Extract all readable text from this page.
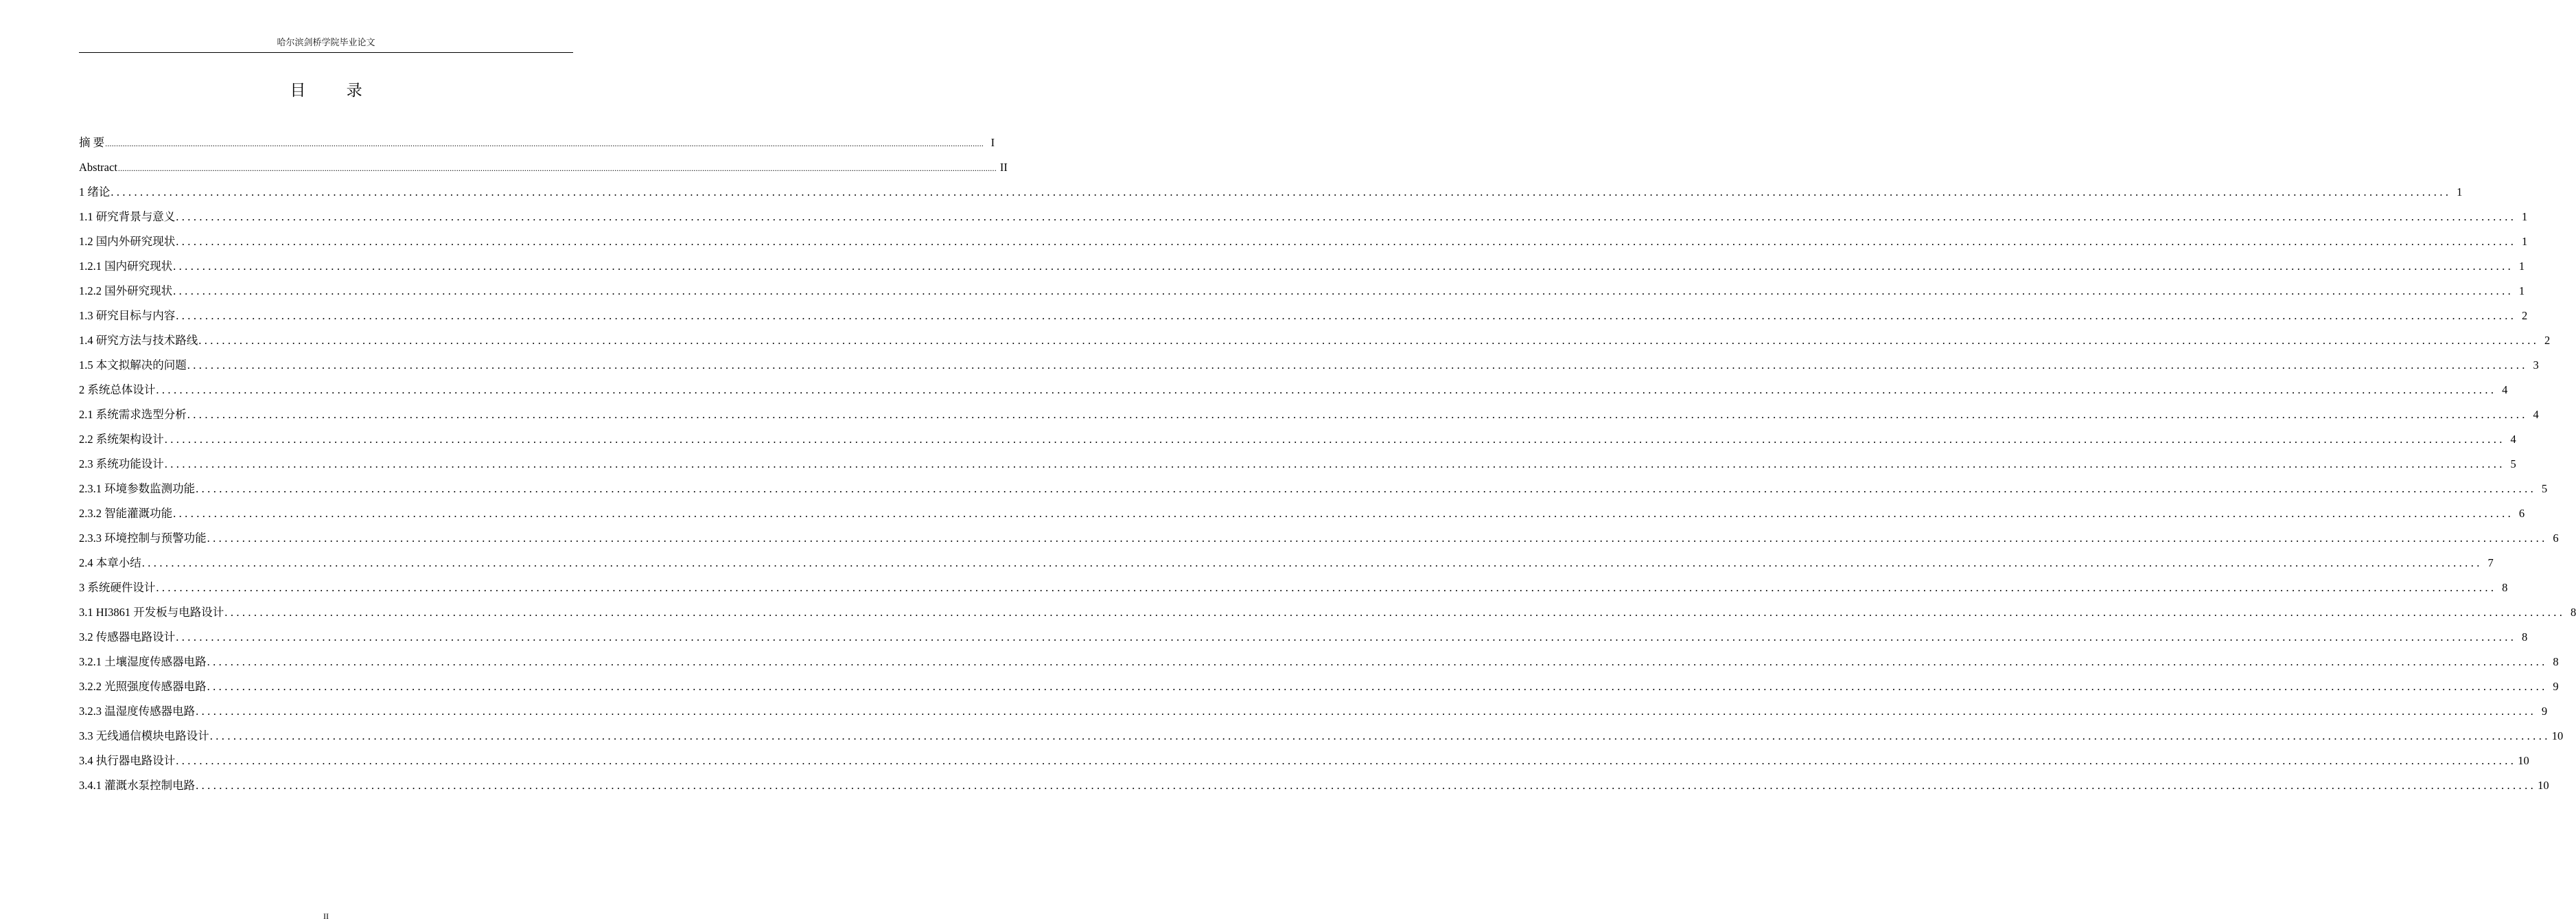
哈尔滨剑桥学院毕业论文
目 录
摘 要 ................................................................................................................................................................................................................................................................................................................................................................................................................ I
Abstract ................................................................................................................................................................................................................................................................................................................................................................................................................ II
1 绪论 ................................................................................................................................................................................................................................................................................................................................................................................................................ 1
1.1 研究背景与意义 ................................................................................................................................................................................................................................................................................................................................................................................................................ 1
1.2 国内外研究现状 ................................................................................................................................................................................................................................................................................................................................................................................................................ 1
1.2.1 国内研究现状 ................................................................................................................................................................................................................................................................................................................................................................................................................ 1
1.2.2 国外研究现状 ................................................................................................................................................................................................................................................................................................................................................................................................................ 1
1.3 研究目标与内容 ................................................................................................................................................................................................................................................................................................................................................................................................................ 2
1.4 研究方法与技术路线 ................................................................................................................................................................................................................................................................................................................................................................................................................ 2
1.5 本文拟解决的问题 ................................................................................................................................................................................................................................................................................................................................................................................................................ 3
2 系统总体设计 ................................................................................................................................................................................................................................................................................................................................................................................................................ 4
2.1 系统需求选型分析 ................................................................................................................................................................................................................................................................................................................................................................................................................ 4
2.2 系统架构设计 ................................................................................................................................................................................................................................................................................................................................................................................................................ 4
2.3 系统功能设计 ................................................................................................................................................................................................................................................................................................................................................................................................................ 5
2.3.1 环境参数监测功能 ................................................................................................................................................................................................................................................................................................................................................................................................................ 5
2.3.2 智能灌溉功能 ................................................................................................................................................................................................................................................................................................................................................................................................................ 6
2.3.3 环境控制与预警功能 ................................................................................................................................................................................................................................................................................................................................................................................................................ 6
2.4 本章小结 ................................................................................................................................................................................................................................................................................................................................................................................................................ 7
3 系统硬件设计 ................................................................................................................................................................................................................................................................................................................................................................................................................ 8
3.1 HI3861 开发板与电路设计 ................................................................................................................................................................................................................................................................................................................................................................................................................ 8
3.2 传感器电路设计 ................................................................................................................................................................................................................................................................................................................................................................................................................ 8
3.2.1 土壤湿度传感器电路 ................................................................................................................................................................................................................................................................................................................................................................................................................ 8
3.2.2 光照强度传感器电路 ................................................................................................................................................................................................................................................................................................................................................................................................................ 9
3.2.3 温湿度传感器电路 ................................................................................................................................................................................................................................................................................................................................................................................................................ 9
3.3 无线通信模块电路设计 ................................................................................................................................................................................................................................................................................................................................................................................................................ 10
3.4 执行器电路设计 ................................................................................................................................................................................................................................................................................................................................................................................................................ 10
3.4.1 灌溉水泵控制电路 ................................................................................................................................................................................................................................................................................................................................................................................................................ 10
II
